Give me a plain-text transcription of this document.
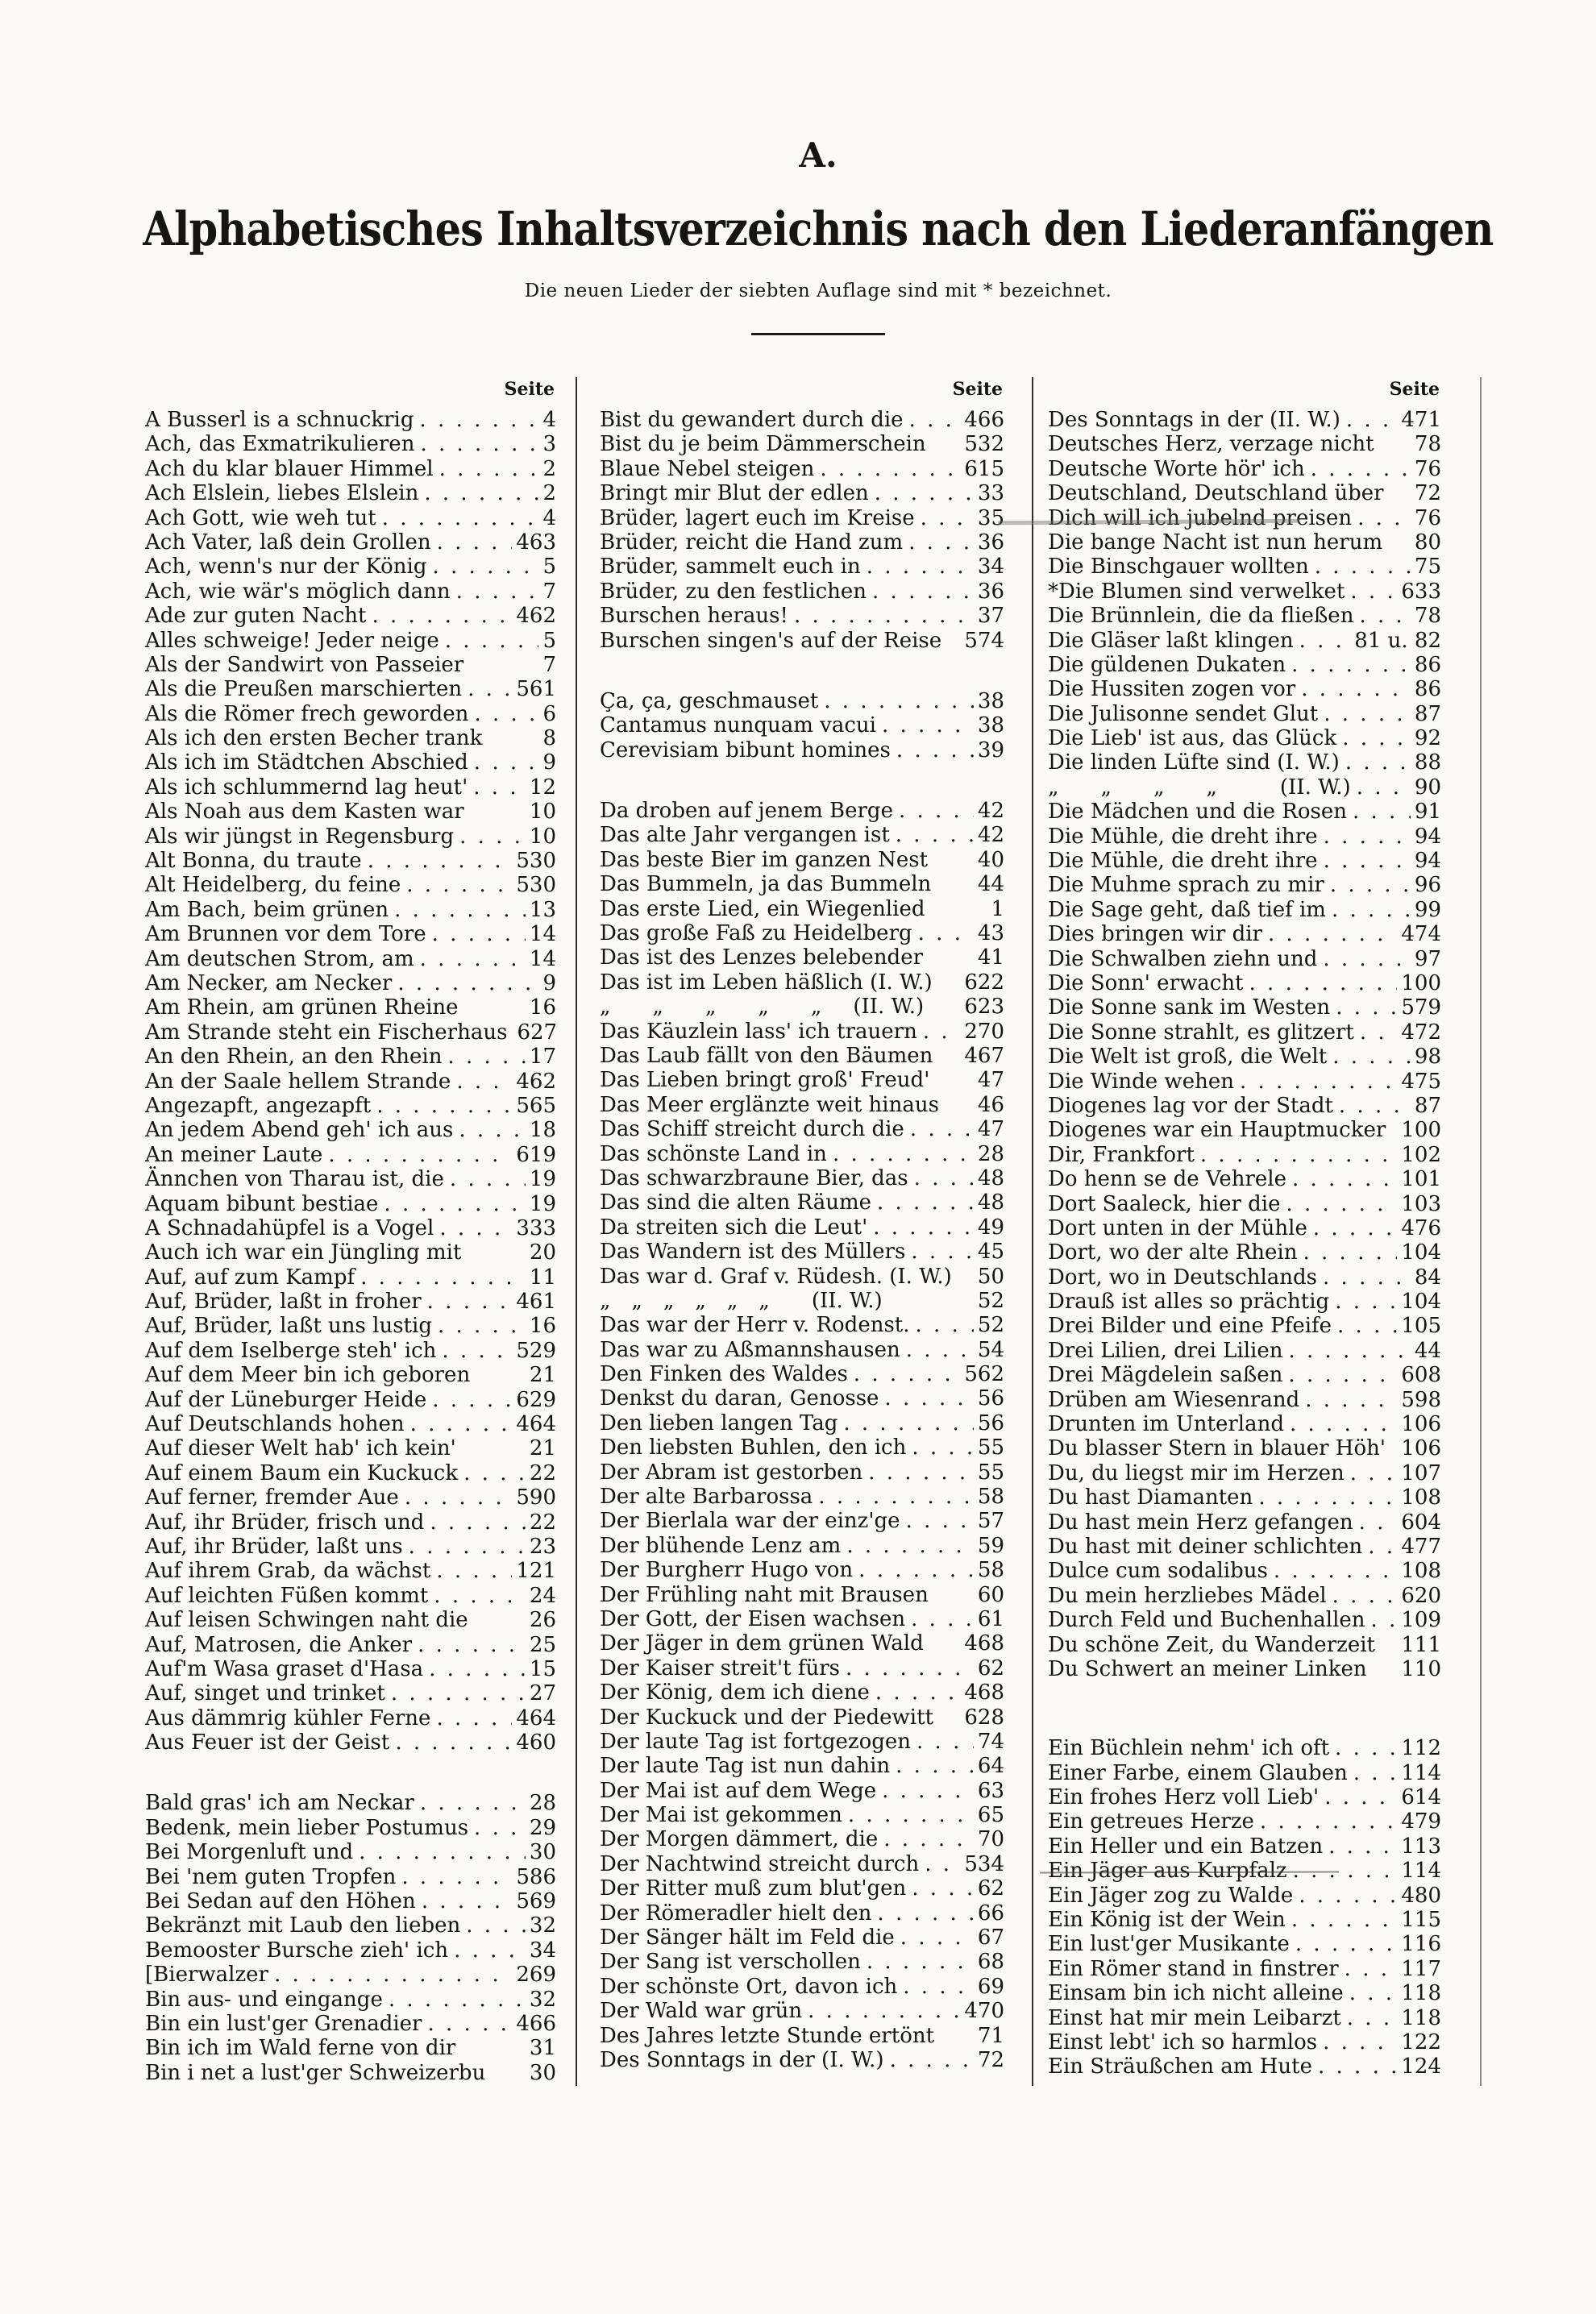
A.
Alphabetisches Inhaltsverzeichnis nach den Liederanfängen
Die neuen Lieder der siebten Auflage sind mit * bezeichnet.
Seite
A Busserl is a schnuckrig . .	4
Ach, das Exmatrikulieren . .	3
Ach du klar blauer Himmel . .	2
Ach Elslein, liebes Elslein . .	2
Ach Gott, wie weh tut . .	4
Ach Vater, laß dein Grollen . .	463
Ach, wenn's nur der König . .	5
Ach, wie wär's möglich dann . .	7
Ade zur guten Nacht . .	462
Alles schweige! Jeder neige . .	5
Als der Sandwirt von Passeier	7
Als die Preußen marschierten . .	561
Als die Römer frech geworden . .	6
Als ich den ersten Becher trank	8
Als ich im Städtchen Abschied . .	9
Als ich schlummernd lag heut' . .	12
Als Noah aus dem Kasten war	10
Als wir jüngst in Regensburg . .	10
Alt Bonna, du traute . .	530
Alt Heidelberg, du feine . .	530
Am Bach, beim grünen . .	13
Am Brunnen vor dem Tore . .	14
Am deutschen Strom, am . .	14
Am Necker, am Necker . .	9
Am Rhein, am grünen Rheine	16
Am Strande steht ein Fischerhaus 627
An den Rhein, an den Rhein . .	17
An der Saale hellem Strande . .	462
Angezapft, angezapft . .	565
An jedem Abend geh' ich aus . .	18
An meiner Laute . .	619
Ännchen von Tharau ist, die . .	19
Aquam bibunt bestiae . .	19
A Schnadahüpfel is a Vogel . .	333
Auch ich war ein Jüngling mit	20
Auf, auf zum Kampf . .	11
Auf, Brüder, laßt in froher . .	461
Auf, Brüder, laßt uns lustig . .	16
Auf dem Iselberge steh' ich . .	529
Auf dem Meer bin ich geboren	21
Auf der Lüneburger Heide . .	629
Auf Deutschlands hohen . .	464
Auf dieser Welt hab' ich kein'	21
Auf einem Baum ein Kuckuck . .	22
Auf ferner, fremder Aue . .	590
Auf, ihr Brüder, frisch und . .	22
Auf, ihr Brüder, laßt uns . .	23
Auf ihrem Grab, da wächst . .	121
Auf leichten Füßen kommt . .	24
Auf leisen Schwingen naht die	26
Auf, Matrosen, die Anker . .	25
Auf'm Wasa graset d'Hasa . .	15
Auf, singet und trinket . .	27
Aus dämmrig kühler Ferne . .	464
Aus Feuer ist der Geist . .	460
Bald gras' ich am Neckar . .	28
Bedenk, mein lieber Postumus . .	29
Bei Morgenluft und . .	30
Bei 'nem guten Tropfen . .	586
Bei Sedan auf den Höhen . .	569
Bekränzt mit Laub den lieben . .	32
Bemooster Bursche zieh' ich . .	34
[Bierwalzer . .	269
Bin aus- und eingange . .	32
Bin ein lust'ger Grenadier . .	466
Bin ich im Wald ferne von dir	31
Bin i net a lust'ger Schweizerbu 30
Seite
Bist du gewandert durch die . .	466
Bist du je beim Dämmerschein 532
Blaue Nebel steigen . .	615
Bringt mir Blut der edlen . .	33
Brüder, lagert euch im Kreise . .	35
Brüder, reicht die Hand zum . .	36
Brüder, sammelt euch in . .	34
Brüder, zu den festlichen . .	36
Burschen heraus! . .	37
Burschen singen's auf der Reise 574
Ça, ça, geschmauset . .	38
Cantamus nunquam vacui . .	38
Cerevisiam bibunt homines . .	39
Da droben auf jenem Berge . .	42
Das alte Jahr vergangen ist . .	42
Das beste Bier im ganzen Nest 40
Das Bummeln, ja das Bummeln 44
Das erste Lied, ein Wiegenlied	1
Das große Faß zu Heidelberg . .	43
Das ist des Lenzes belebender	41
Das ist im Leben häßlich (I. W.) 622
„  „  „  „  „  (II. W.) 623
Das Käuzlein lass' ich trauern . . 270
Das Laub fällt von den Bäumen 467
Das Lieben bringt groß' Freud' 47
Das Meer erglänzte weit hinaus 46
Das Schiff streicht durch die . .	47
Das schönste Land in . .	28
Das schwarzbraune Bier, das . .	48
Das sind die alten Räume . .	48
Da streiten sich die Leut' . .	49
Das Wandern ist des Müllers . .	45
Das war d. Graf v. Rüdesh. (I. W.) 50
„ „ „ „ „ „  (II. W.)	52
Das war der Herr v. Rodenst. . .	52
Das war zu Aßmannshausen . .	54
Den Finken des Waldes . .	562
Denkst du daran, Genosse . .	56
Den lieben langen Tag . .	56
Den liebsten Buhlen, den ich . .	55
Der Abram ist gestorben . .	55
Der alte Barbarossa . .	58
Der Bierlala war der einz'ge . .	57
Der blühende Lenz am . .	59
Der Burgherr Hugo von . .	58
Der Frühling naht mit Brausen 60
Der Gott, der Eisen wachsen . .	61
Der Jäger in dem grünen Wald 468
Der Kaiser streit't fürs . .	62
Der König, dem ich diene . .	468
Der Kuckuck und der Piedewitt 628
Der laute Tag ist fortgezogen . .	74
Der laute Tag ist nun dahin . .	64
Der Mai ist auf dem Wege . .	63
Der Mai ist gekommen . .	65
Der Morgen dämmert, die . .	70
Der Nachtwind streicht durch . . 534
Der Ritter muß zum blut'gen . .	62
Der Römeradler hielt den . .	66
Der Sänger hält im Feld die . .	67
Der Sang ist verschollen . .	68
Der schönste Ort, davon ich . .	69
Der Wald war grün . .	470
Des Jahres letzte Stunde ertönt 71
Des Sonntags in der (I. W.) . .	72
Seite
Des Sonntags in der (II. W.) . .	471
Deutsches Herz, verzage nicht 78
Deutsche Worte hör' ich . .	76
Deutschland, Deutschland über 72
Dich will ich jubelnd preisen . .	76
Die bange Nacht ist nun herum 80
Die Binschgauer wollten . .	75
*Die Blumen sind verwelket . .	633
Die Brünnlein, die da fließen . .	78
Die Gläser laßt klingen . .	81 u. 82
Die güldenen Dukaten . .	86
Die Hussiten zogen vor . .	86
Die Julisonne sendet Glut . .	87
Die Lieb' ist aus, das Glück . .	92
Die linden Lüfte sind (I. W.) . .	88
„  „  „  „   (II. W.) . .	90
Die Mädchen und die Rosen . .	91
Die Mühle, die dreht ihre . .	94
Die Mühle, die dreht ihre . .	94
Die Muhme sprach zu mir . .	96
Die Sage geht, daß tief im . .	99
Dies bringen wir dir . .	474
Die Schwalben ziehn und . .	97
Die Sonn' erwacht . .	100
Die Sonne sank im Westen . .	579
Die Sonne strahlt, es glitzert . . 472
Die Welt ist groß, die Welt . .	98
Die Winde wehen . .	475
Diogenes lag vor der Stadt . .	87
Diogenes war ein Hauptmucker 100
Dir, Frankfort . .	102
Do henn se de Vehrele . .	101
Dort Saaleck, hier die . .	103
Dort unten in der Mühle . .	476
Dort, wo der alte Rhein . .	104
Dort, wo in Deutschlands . .	84
Drauß ist alles so prächtig . .	104
Drei Bilder und eine Pfeife . .	105
Drei Lilien, drei Lilien . .	44
Drei Mägdelein saßen . .	608
Drüben am Wiesenrand . .	598
Drunten im Unterland . .	106
Du blasser Stern in blauer Höh' 106
Du, du liegst mir im Herzen . .	107
Du hast Diamanten . .	108
Du hast mein Herz gefangen . . 604
Du hast mit deiner schlichten . . 477
Dulce cum sodalibus . .	108
Du mein herzliebes Mädel . .	620
Durch Feld und Buchenhallen . . 109
Du schöne Zeit, du Wanderzeit 111
Du Schwert an meiner Linken 110
Ein Büchlein nehm' ich oft . .	112
Einer Farbe, einem Glauben . .	114
Ein frohes Herz voll Lieb' . .	614
Ein getreues Herze . .	479
Ein Heller und ein Batzen . .	113
Ein Jäger aus Kurpfalz . .	114
Ein Jäger zog zu Walde . .	480
Ein König ist der Wein . .	115
Ein lust'ger Musikante . .	116
Ein Römer stand in finstrer . .	117
Einsam bin ich nicht alleine . .	118
Einst hat mir mein Leibarzt . .	118
Einst lebt' ich so harmlos . .	122
Ein Sträußchen am Hute . .	124
